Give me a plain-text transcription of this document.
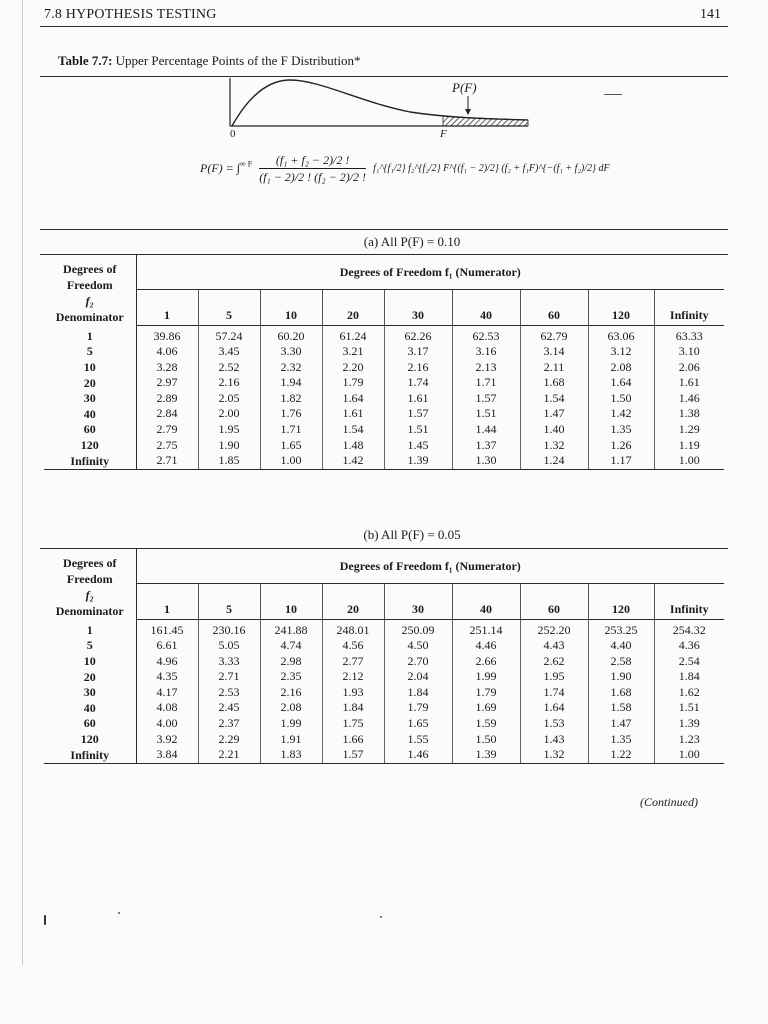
7.8 HYPOTHESIS TESTING	141
Table 7.7: Upper Percentage Points of the F Distribution*
P(F)
0	F
$P(F) = \int^{\infty F} \frac{\text{(f₁ + f₂ − 2)/2 !}}{\text{(f₁ − 2)/2 ! (f₂ − 2)/2 !}}$ f₁^{f₁/2} f₂^{f₂/2} F^{(f₁ − 2)/2} (f₂ + f₁F)^{−(f₁ + f₂)/2} dF
(a) All P(F) = 0.10
Degrees of
Freedom
f₂
Denominator	Degrees of Freedom f₁ (Numerator)								
	1	5	10	20	30	40	60	120	Infinity
1	39.86	57.24	60.20	61.24	62.26	62.53	62.79	63.06	63.33
5	4.06	3.45	3.30	3.21	3.17	3.16	3.14	3.12	3.10
10	3.28	2.52	2.32	2.20	2.16	2.13	2.11	2.08	2.06
20	2.97	2.16	1.94	1.79	1.74	1.71	1.68	1.64	1.61
30	2.89	2.05	1.82	1.64	1.61	1.57	1.54	1.50	1.46
40	2.84	2.00	1.76	1.61	1.57	1.51	1.47	1.42	1.38
60	2.79	1.95	1.71	1.54	1.51	1.44	1.40	1.35	1.29
120	2.75	1.90	1.65	1.48	1.45	1.37	1.32	1.26	1.19
Infinity	2.71	1.85	1.00	1.42	1.39	1.30	1.24	1.17	1.00
(b) All P(F) = 0.05
Degrees of
Freedom
f₂
Denominator	Degrees of Freedom f₁ (Numerator)								
	1	5	10	20	30	40	60	120	Infinity
1	161.45	230.16	241.88	248.01	250.09	251.14	252.20	253.25	254.32
5	6.61	5.05	4.74	4.56	4.50	4.46	4.43	4.40	4.36
10	4.96	3.33	2.98	2.77	2.70	2.66	2.62	2.58	2.54
20	4.35	2.71	2.35	2.12	2.04	1.99	1.95	1.90	1.84
30	4.17	2.53	2.16	1.93	1.84	1.79	1.74	1.68	1.62
40	4.08	2.45	2.08	1.84	1.79	1.69	1.64	1.58	1.51
60	4.00	2.37	1.99	1.75	1.65	1.59	1.53	1.47	1.39
120	3.92	2.29	1.91	1.66	1.55	1.50	1.43	1.35	1.23
Infinity	3.84	2.21	1.83	1.57	1.46	1.39	1.32	1.22	1.00
(Continued)
